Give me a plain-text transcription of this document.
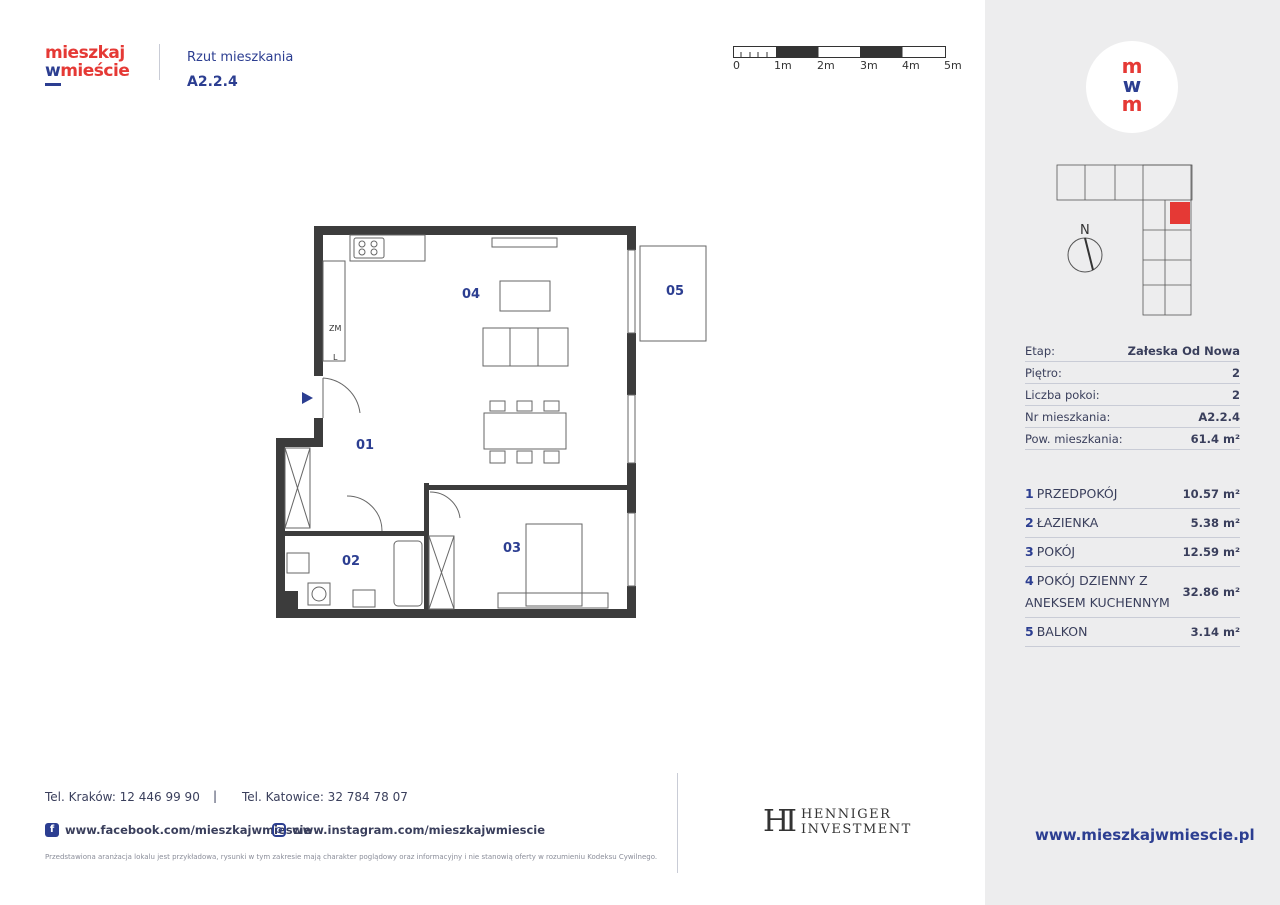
mieszkaj
wmieście
Rzut mieszkania
A2.2.4
0	1m 2m 3m 4m 5m
04	05
01
02
03
ZM
L
m
w
m
N
Etap:	Załeska Od Nowa
Piętro:	2
Liczba pokoi:	2
Nr mieszkania:	A2.2.4
Pow. mieszkania:	61.4 m²
1 PRZEDPOKÓJ	10.57 m²
2 ŁAZIENKA	5.38 m²
3 POKÓJ	12.59 m²
4 POKÓJ DZIENNY Z ANEKSEM KUCHENNYM
32.86 m²
5 BALKON	3.14 m²
www.mieszkajwmiescie.pl
Tel. Kraków: 12 446 99 90 | Tel. Katowice: 32 784 78 07
f www.facebook.com/mieszkajwmiescie
www.instagram.com/mieszkajwmiescie
Przedstawiona aranżacja lokalu jest przykładowa, rysunki w tym zakresie mają charakter poglądowy oraz informacyjny i nie stanowią oferty w rozumieniu Kodeksu Cywilnego.
HI HENNIGER
INVESTMENT
